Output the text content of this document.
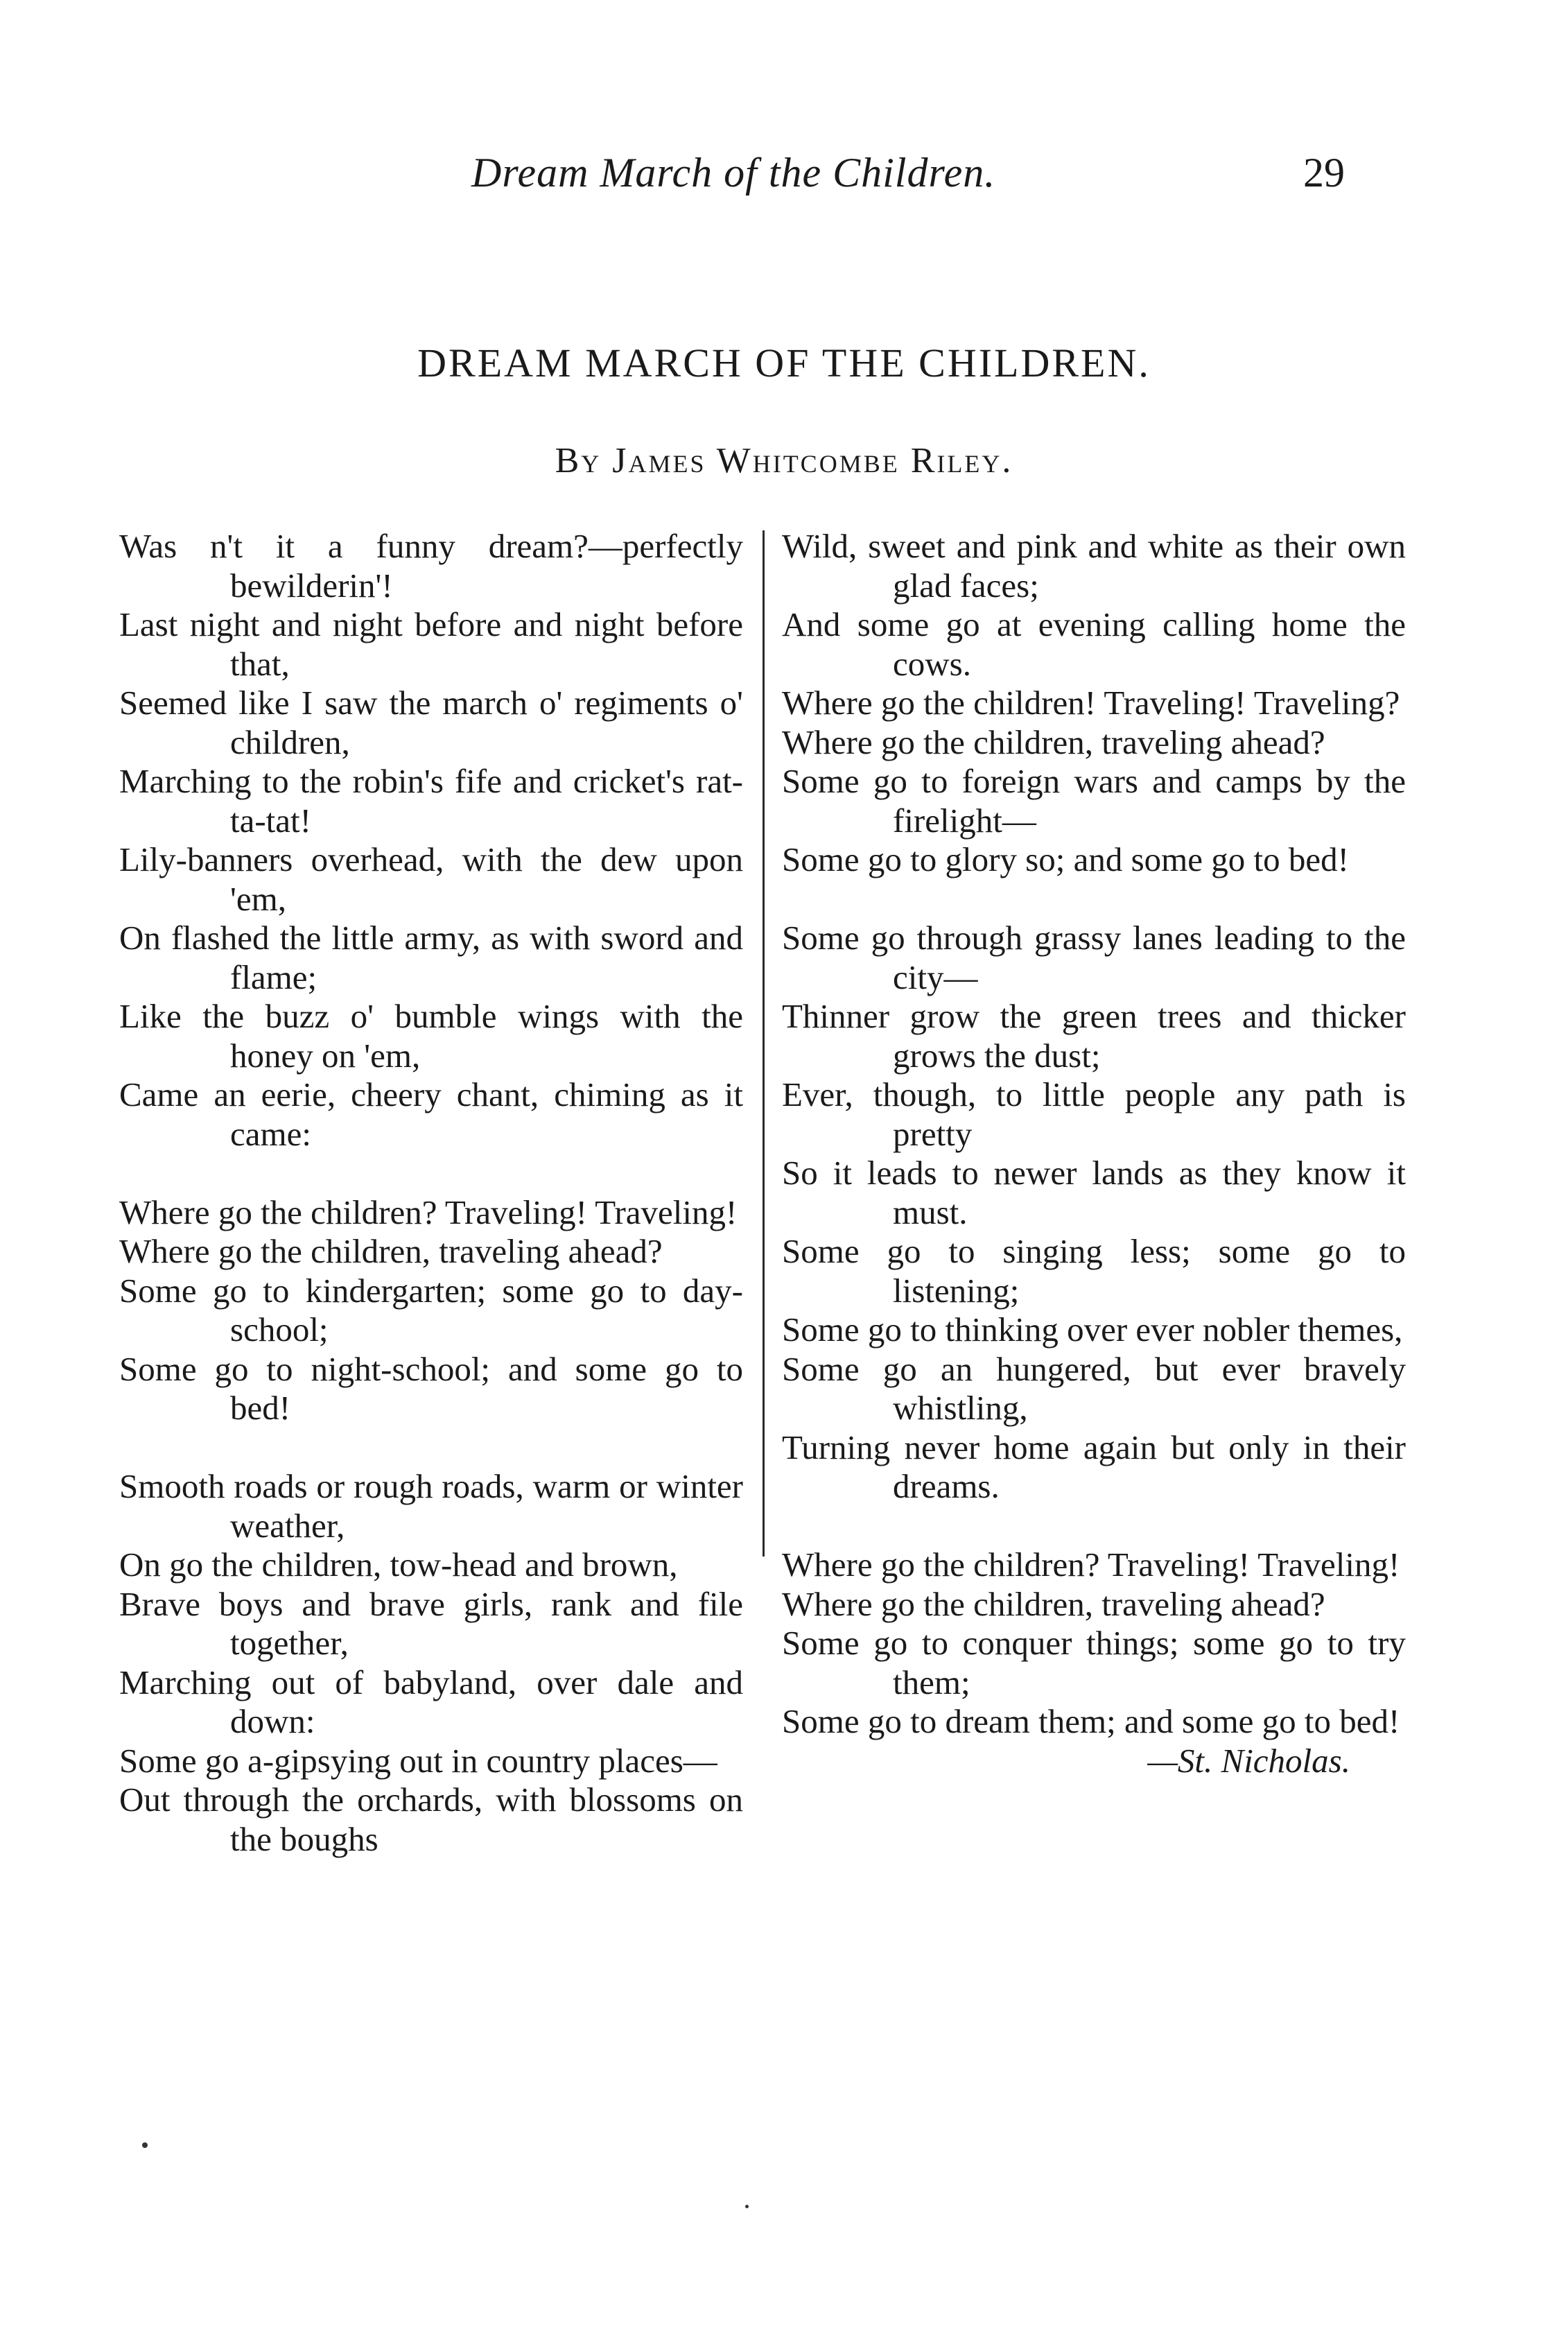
Dream March of the Children.	29
DREAM MARCH OF THE CHILDREN.
By James Whitcombe Riley.
Was n't it a funny dream?—perfectly bewilderin'!
Last night and night before and night before that,
Seemed like I saw the march o' regiments o' children,
Marching to the robin's fife and cricket's rat-ta-tat!
Lily-banners overhead, with the dew upon 'em,
On flashed the little army, as with sword and flame;
Like the buzz o' bumble wings with the honey on 'em,
Came an eerie, cheery chant, chiming as it came:
Where go the children? Traveling! Traveling!
Where go the children, traveling ahead?
Some go to kindergarten; some go to day-school;
Some go to night-school; and some go to bed!
Smooth roads or rough roads, warm or winter weather,
On go the children, tow-head and brown,
Brave boys and brave girls, rank and file together,
Marching out of babyland, over dale and down:
Some go a-gipsying out in country places—
Out through the orchards, with blossoms on the boughs
Wild, sweet and pink and white as their own glad faces;
And some go at evening calling home the cows.
Where go the children! Traveling! Traveling?
Where go the children, traveling ahead?
Some go to foreign wars and camps by the firelight—
Some go to glory so; and some go to bed!
Some go through grassy lanes leading to the city—
Thinner grow the green trees and thicker grows the dust;
Ever, though, to little people any path is pretty
So it leads to newer lands as they know it must.
Some go to singing less; some go to listening;
Some go to thinking over ever nobler themes,
Some go an hungered, but ever bravely whistling,
Turning never home again but only in their dreams.
Where go the children? Traveling! Traveling!
Where go the children, traveling ahead?
Some go to conquer things; some go to try them;
Some go to dream them; and some go to bed!
—St. Nicholas.
